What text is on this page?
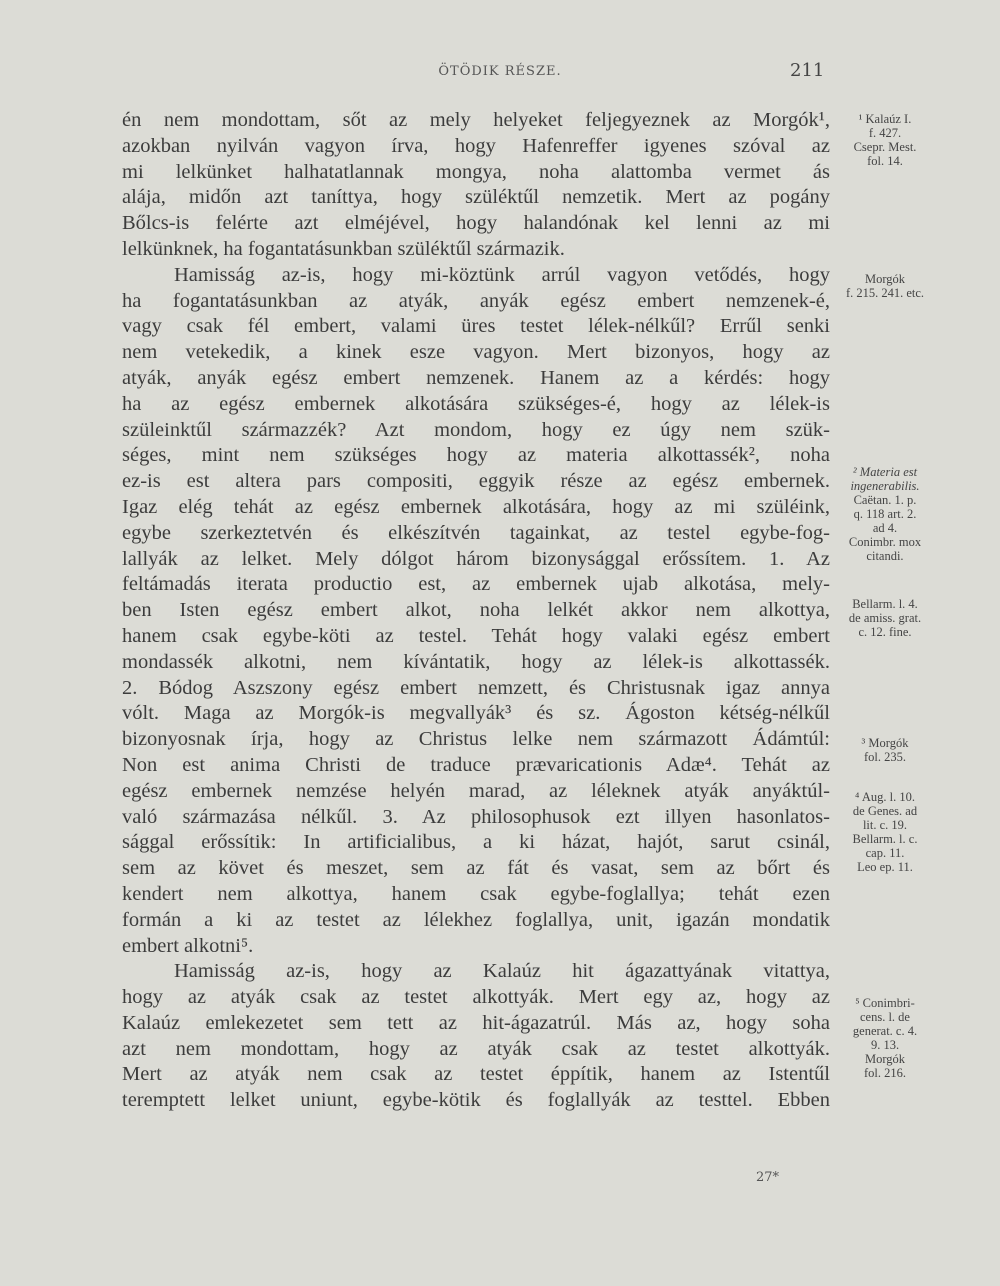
ÖTÖDIK RÉSZE.	211
én nem mondottam, sőt az mely helyeket feljegyeznek az Morgók¹,
azokban nyilván vagyon írva, hogy Hafenreffer igyenes szóval az
mi lelkünket halhatatlannak mongya, noha alattomba vermet ás
alája, midőn azt taníttya, hogy szüléktűl nemzetik. Mert az pogány
Bőlcs-is felérte azt elméjével, hogy halandónak kel lenni az mi
lelkünknek, ha fogantatásunkban szüléktűl származik.
Hamisság az-is, hogy mi-köztünk arrúl vagyon vetődés, hogy
ha fogantatásunkban az atyák, anyák egész embert nemzenek-é,
vagy csak fél embert, valami üres testet lélek-nélkűl? Errűl senki
nem vetekedik, a kinek esze vagyon. Mert bizonyos, hogy az
atyák, anyák egész embert nemzenek. Hanem az a kérdés: hogy
ha az egész embernek alkotására szükséges-é, hogy az lélek-is
szüleinktűl származzék? Azt mondom, hogy ez úgy nem szük-
séges, mint nem szükséges hogy az materia alkottassék², noha
ez-is est altera pars compositi, eggyik része az egész embernek.
Igaz elég tehát az egész embernek alkotására, hogy az mi szüléink,
egybe szerkeztetvén és elkészítvén tagainkat, az testel egybe-fog-
lallyák az lelket. Mely dólgot három bizonysággal erőssítem. 1. Az
feltámadás iterata productio est, az embernek ujab alkotása, mely-
ben Isten egész embert alkot, noha lelkét akkor nem alkottya,
hanem csak egybe-köti az testel. Tehát hogy valaki egész embert
mondassék alkotni, nem kívántatik, hogy az lélek-is alkottassék.
2. Bódog Aszszony egész embert nemzett, és Christusnak igaz annya
vólt. Maga az Morgók-is megvallyák³ és sz. Ágoston kétség-nélkűl
bizonyosnak írja, hogy az Christus lelke nem származott Ádámtúl:
Non est anima Christi de traduce prævaricationis Adæ⁴. Tehát az
egész embernek nemzése helyén marad, az léleknek atyák anyáktúl-
való származása nélkűl. 3. Az philosophusok ezt illyen hasonlatos-
sággal erőssítik: In artificialibus, a ki házat, hajót, sarut csinál,
sem az követ és meszet, sem az fát és vasat, sem az bőrt és
kendert nem alkottya, hanem csak egybe-foglallya; tehát ezen
formán a ki az testet az lélekhez foglallya, unit, igazán mondatik
embert alkotni⁵.
Hamisság az-is, hogy az Kalaúz hit ágazattyának vitattya,
hogy az atyák csak az testet alkottyák. Mert egy az, hogy az
Kalaúz emlekezetet sem tett az hit-ágazatrúl. Más az, hogy soha
azt nem mondottam, hogy az atyák csak az testet alkottyák.
Mert az atyák nem csak az testet éppítik, hanem az Istentűl
teremptett lelket uniunt, egybe-kötik és foglallyák az testtel. Ebben
¹ Kalaúz I.
f. 427.
Csepr. Mest.
fol. 14.
Morgók
f. 215. 241. etc.
² Materia est
ingenerabilis.
Caëtan. 1. p.
q. 118 art. 2.
ad 4.
Conimbr. mox
citandi.
Bellarm. l. 4.
de amiss. grat.
c. 12. fine.
³ Morgók
fol. 235.
⁴ Aug. l. 10.
de Genes. ad
lit. c. 19.
Bellarm. l. c.
cap. 11.
Leo ep. 11.
⁵ Conimbri-
cens. l. de
generat. c. 4.
9. 13.
Morgók
fol. 216.
27*
